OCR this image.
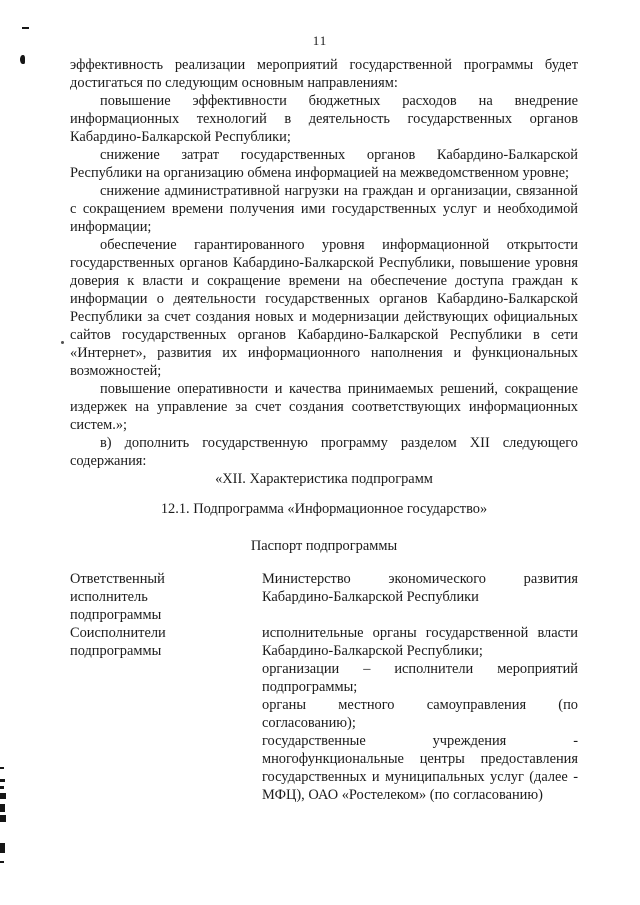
11

эффективность реализации мероприятий государственной программы будет достигаться по следующим основным направлениям:

повышение эффективности бюджетных расходов на внедрение информационных технологий в деятельность государственных органов Кабардино-Балкарской Республики;

снижение затрат государственных органов Кабардино-Балкарской Республики на организацию обмена информацией на межведомственном уровне;

снижение административной нагрузки на граждан и организации, связанной с сокращением времени получения ими государственных услуг и необходимой информации;

обеспечение гарантированного уровня информационной открытости государственных органов Кабардино-Балкарской Республики, повышение уровня доверия к власти и сокращение времени на обеспечение доступа граждан к информации о деятельности государственных органов Кабардино-Балкарской Республики за счет создания новых и модернизации действующих официальных сайтов государственных органов Кабардино-Балкарской Республики в сети «Интернет», развития их информационного наполнения и функциональных возможностей;

повышение оперативности и качества принимаемых решений, сокращение издержек на управление за счет создания соответствующих информационных систем.»;

в) дополнить государственную программу разделом XII следующего содержания:

«XII. Характеристика подпрограмм

12.1. Подпрограмма «Информационное государство»

Паспорт подпрограммы

Ответственный исполнитель подпрограммы

Министерство экономического развития Кабардино-Балкарской Республики

Соисполнители подпрограммы

исполнительные органы государственной власти Кабардино-Балкарской Республики;

организации – исполнители мероприятий подпрограммы;

органы местного самоуправления (по согласованию);

государственные учреждения - многофункциональные центры предоставления государственных и муниципальных услуг (далее - МФЦ), ОАО «Ростелеком» (по согласованию)
